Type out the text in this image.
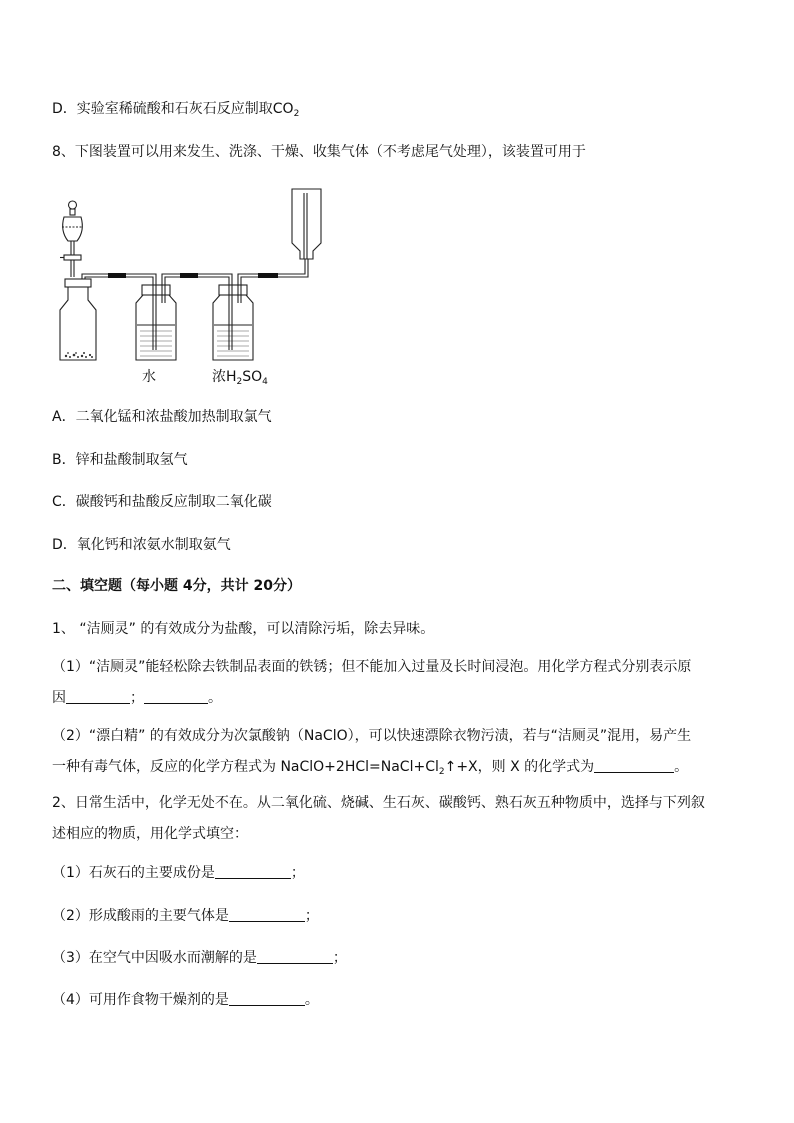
D．实验室稀硫酸和石灰石反应制取$CO_2$
8、下图装置可以用来发生、洗涤、干燥、收集气体（不考虑尾气处理），该装置可用于
水	浓$H_2SO_4$
A．二氧化锰和浓盐酸加热制取氯气
B．锌和盐酸制取氢气
C．碳酸钙和盐酸反应制取二氧化碳
D．氧化钙和浓氨水制取氨气
二、填空题（每小题 4分，共计 20分）
1、 “洁厕灵” 的有效成分为盐酸，可以清除污垢，除去异味。
（1）“洁厕灵”能轻松除去铁制品表面的铁锈；但不能加入过量及长时间浸泡。用化学方程式分别表示原
因	；	。
（2）“漂白精” 的有效成分为次氯酸钠（NaClO），可以快速漂除衣物污渍，若与“洁厕灵”混用，易产生
一种有毒气体，反应的化学方程式为 $NaClO+2HCl=NaCl+Cl_2↑+X$，则 X 的化学式为	。
2、日常生活中，化学无处不在。从二氧化硫、烧碱、生石灰、碳酸钙、熟石灰五种物质中，选择与下列叙
述相应的物质，用化学式填空：
（1）石灰石的主要成份是	；
（2）形成酸雨的主要气体是	；
（3）在空气中因吸水而潮解的是	；
（4）可用作食物干燥剂的是	。
